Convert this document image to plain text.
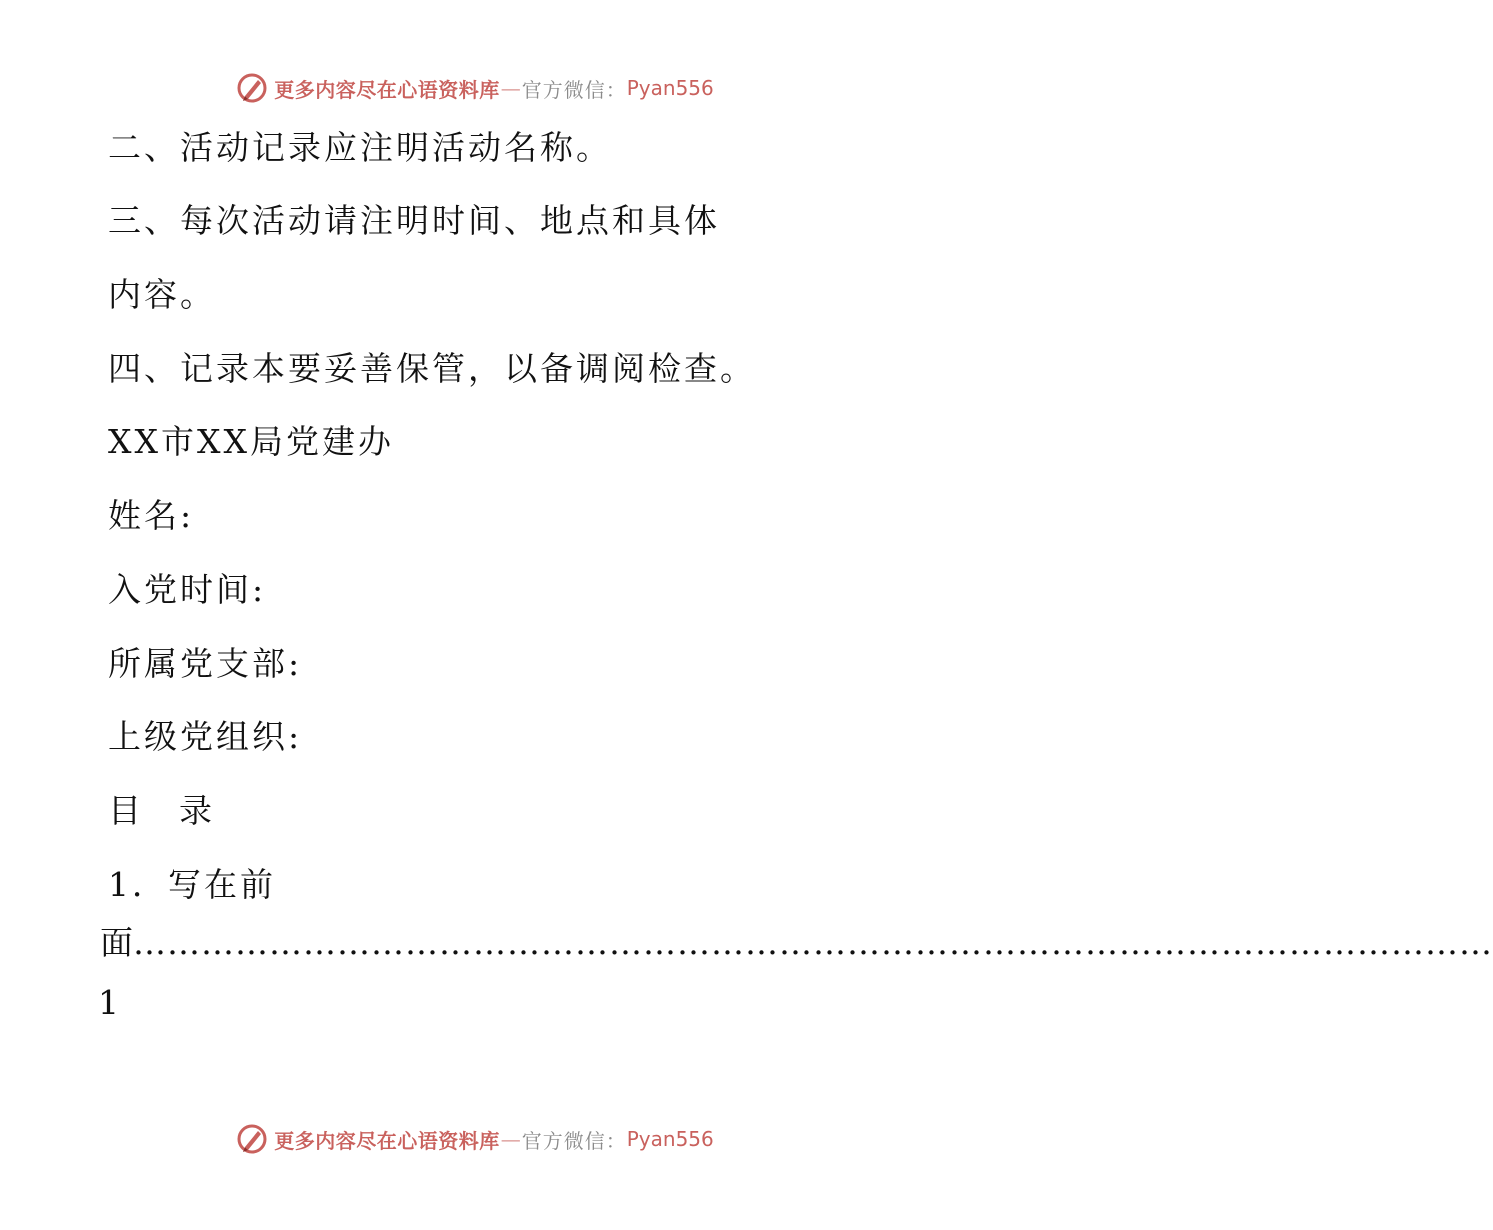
更多内容尽在心语资料库 — 官方微信： Pyan556
二、活动记录应注明活动名称。
三、每次活动请注明时间、地点和具体
内容。
四、记录本要妥善保管，以备调阅检查。
XX市XX局党建办
姓名:
入党时间:
所属党支部:
上级党组织:
目 录
1．写在前
面 …………………………………………………………………………………………………………
1
更多内容尽在心语资料库 — 官方微信： Pyan556
